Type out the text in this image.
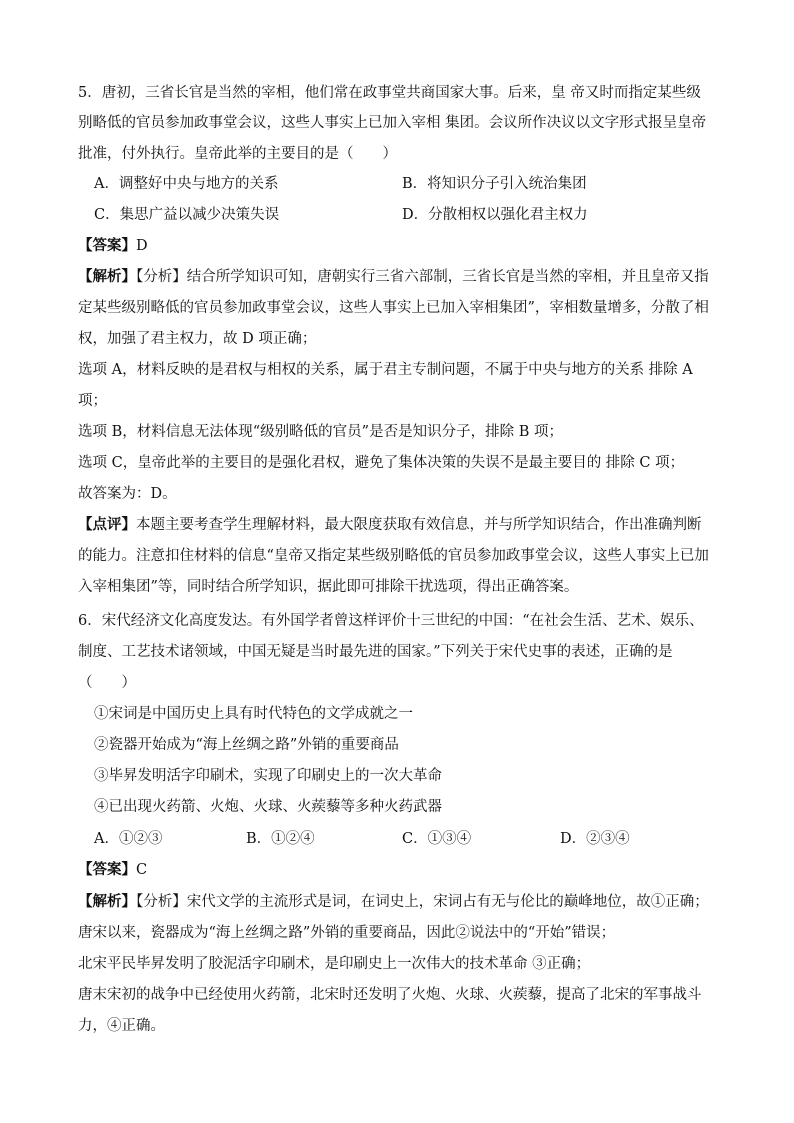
5．唐初，三省长官是当然的宰相，他们常在政事堂共商国家大事。后来，皇 帝又时而指定某些级
别略低的官员参加政事堂会议，这些人事实上已加入宰相 集团。会议所作决议以文字形式报呈皇帝
批准，付外执行。皇帝此举的主要目的是（　　）
A．调整好中央与地方的关系	B．将知识分子引入统治集团
C．集思广益以减少决策失误	D．分散相权以强化君主权力
【答案】D
【解析】【分析】结合所学知识可知，唐朝实行三省六部制，三省长官是当然的宰相，并且皇帝又指
定某些级别略低的官员参加政事堂会议，这些人事实上已加入宰相集团”，宰相数量增多，分散了相
权，加强了君主权力，故 D 项正确；
选项 A，材料反映的是君权与相权的关系，属于君主专制问题，不属于中央与地方的关系 排除 A
项；
选项 B，材料信息无法体现“级别略低的官员”是否是知识分子，排除 B 项；
选项 C，皇帝此举的主要目的是强化君权，避免了集体决策的失误不是最主要目的 排除 C 项；
故答案为：D。
【点评】本题主要考查学生理解材料，最大限度获取有效信息，并与所学知识结合，作出准确判断
的能力。注意扣住材料的信息“皇帝又指定某些级别略低的官员参加政事堂会议，这些人事实上已加
入宰相集团”等，同时结合所学知识，据此即可排除干扰选项，得出正确答案。
6．宋代经济文化高度发达。有外国学者曾这样评价十三世纪的中国：“在社会生活、艺术、娱乐、
制度、工艺技术诸领域，中国无疑是当时最先进的国家。”下列关于宋代史事的表述，正确的是
（　　）
①宋词是中国历史上具有时代特色的文学成就之一
②瓷器开始成为“海上丝绸之路”外销的重要商品
③毕昇发明活字印刷术，实现了印刷史上的一次大革命
④已出现火药箭、火炮、火球、火蒺藜等多种火药武器
A．①②③	B．①②④	C．①③④	D．②③④
【答案】C
【解析】【分析】宋代文学的主流形式是词，在词史上，宋词占有无与伦比的巅峰地位，故①正确；
唐宋以来，瓷器成为“海上丝绸之路”外销的重要商品，因此②说法中的“开始”错误；
北宋平民毕昇发明了胶泥活字印刷术，是印刷史上一次伟大的技术革命 ③正确；
唐末宋初的战争中已经使用火药箭，北宋时还发明了火炮、火球、火蒺藜，提高了北宋的军事战斗
力，④正确。
